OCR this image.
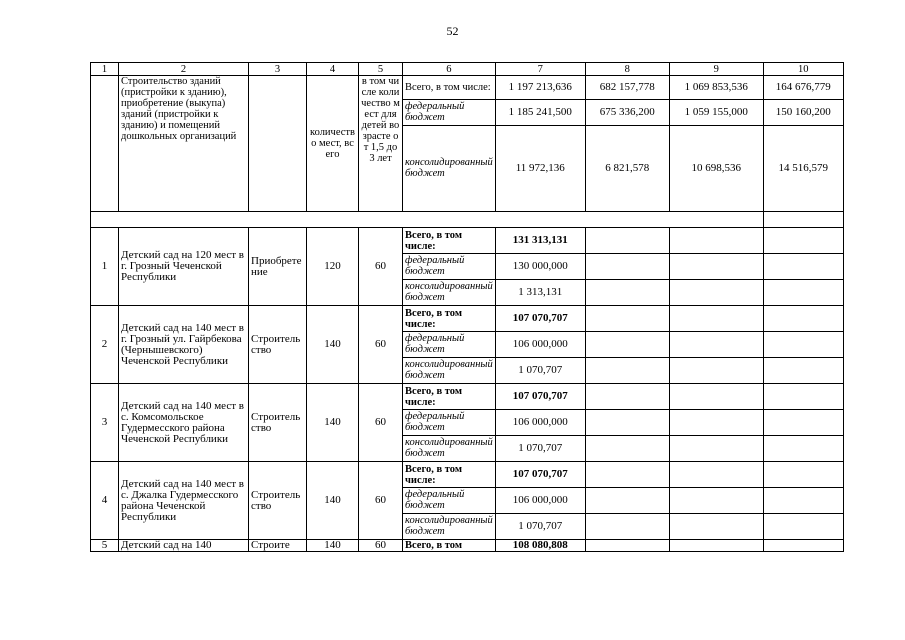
52
1	2	3	4	5	6	7	8	9	10
	Строительство зданий (пристройки к зданию), приобретение (выкупа) зданий (пристройки к зданию) и помещений дошкольных организаций		количество мест, всего	в том числе количество мест для детей возрасте от 1,5 до 3 лет	Всего, в том числе:	1 197 213,636	682 157,778	1 069 853,536	164 676,779
					федеральный бюджет	1 185 241,500	675 336,200	1 059 155,000	150 160,200
					консолидированный бюджет	11 972,136	6 821,578	10 698,536	14 516,579

1	Детский сад на 120 мест в г. Грозный Чеченской Республики	Приобретение	120	60	Всего, в том числе:	131 313,131			
					федеральный бюджет	130 000,000			
					консолидированный бюджет	1 313,131			
2	Детский сад на 140 мест в г. Грозный ул. Гайрбекова (Чернышевского) Чеченской Республики	Строительство	140	60	Всего, в том числе:	107 070,707			
					федеральный бюджет	106 000,000			
					консолидированный бюджет	1 070,707			
3	Детский сад на 140 мест в с. Комсомольское Гудермесского района Чеченской Республики	Строительство	140	60	Всего, в том числе:	107 070,707			
					федеральный бюджет	106 000,000			
					консолидированный бюджет	1 070,707			
4	Детский сад на 140 мест в с. Джалка Гудермесского района Чеченской Республики	Строительство	140	60	Всего, в том числе:	107 070,707			
					федеральный бюджет	106 000,000			
					консолидированный бюджет	1 070,707			
5	Детский сад на 140	Строите	140	60	Всего, в том	108 080,808			
